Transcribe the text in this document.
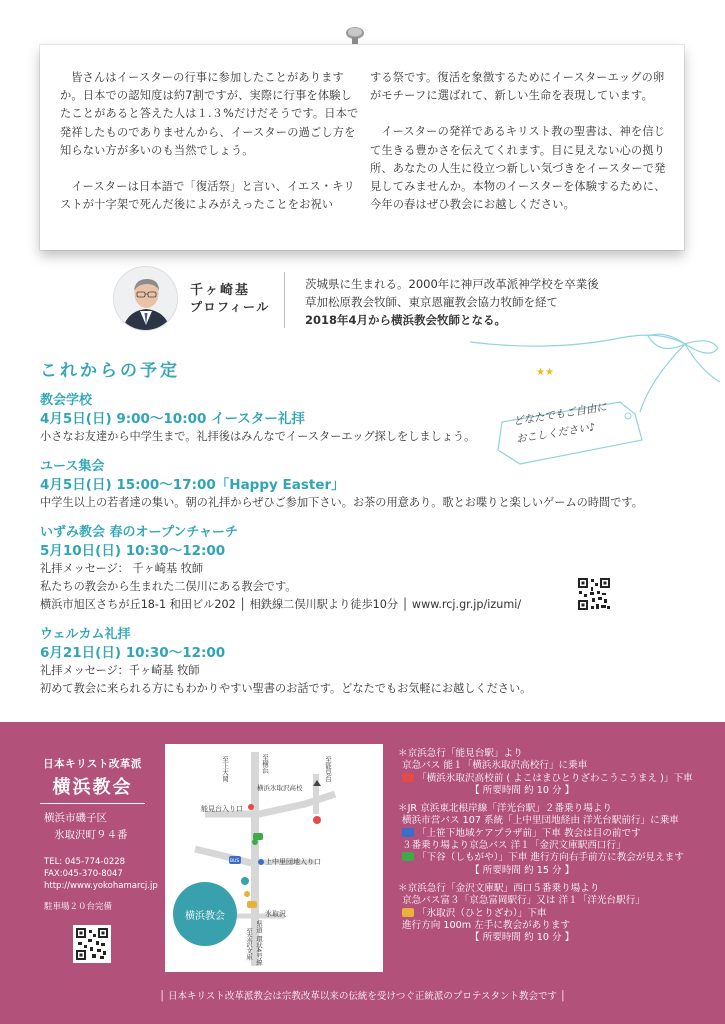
皆さんはイースターの行事に参加したことがありますか。日本での認知度は約7割ですが、実際に行事を体験したことがあると答えた人は１.３%だけだそうです。日本で発祥したものでありませんから、イースターの過ごし方を知らない方が多いのも当然でしょう。

イースターは日本語で「復活祭」と言い、イエス・キリストが十字架で死んだ後によみがえったことをお祝い

する祭です。復活を象徴するためにイースターエッグの卵がモチーフに選ばれて、新しい生命を表現しています。

イースターの発祥であるキリスト教の聖書は、神を信じて生きる豊かさを伝えてくれます。目に見えない心の拠り所、あなたの人生に役立つ新しい気づきをイースターで発見してみませんか。本物のイースターを体験するために、今年の春はぜひ教会にお越しください。

千ヶ崎基
プロフィール
茨城県に生まれる。2000年に神戸改革派神学校を卒業後
草加松原教会牧師、東京恩寵教会協力牧師を経て
2018年4月から横浜教会牧師となる。
★★
どなたでもご自由に
おこしください♪
これからの予定
教会学校
4月5日(日) 9:00〜10:00 イースター礼拝
小さなお友達から中学生まで。礼拝後はみんなでイースターエッグ探しをしましょう。
ユース集会
4月5日(日) 15:00〜17:00「Happy Easter」
中学生以上の若者達の集い。朝の礼拝からぜひご参加下さい。お茶の用意あり。歌とお喋りと楽しいゲームの時間です。
いずみ教会 春のオープンチャーチ
5月10日(日) 10:30〜12:00
礼拝メッセージ： 千ヶ崎基 牧師
私たちの教会から生まれた二俣川にある教会です。
横浜市旭区さちが丘18-1 和田ビル202 │ 相鉄線二俣川駅より徒歩10分 │ www.rcj.gr.jp/izumi/
ウェルカム礼拝
6月21日(日) 10:30〜12:00
礼拝メッセージ：千ヶ崎基 牧師
初めて教会に来られる方にもわかりやすい聖書のお話です。どなたでもお気軽にお越しください。
日本キリスト改革派
横浜教会
横浜市磯子区
氷取沢町９４番
TEL: 045-774-0228
FAX:045-370-8047
http://www.yokohamarcj.jp
駐車場２０台完備
横浜教会
上中里団地入り口
氷取沢
能見台入り口
横浜氷取沢高校
BUS
至上大岡	至能見台
至金沢文庫 県道 環状4号線
至横浜
＊京浜急行「能見台駅」より
京急バス 能１「横浜氷取沢高校行」に乗車
「横浜氷取沢高校前 ( よこはまひとりざわこうこうまえ )」下車
【 所要時間 約 10 分 】
＊JR 京浜東北根岸線「洋光台駅」２番乗り場より
横浜市営バス 107 系統「上中里団地経由 洋光台駅前行」に乗車
「上笹下地域ケアプラザ前」下車 教会は目の前です
３番乗り場より京急バス 洋１「金沢文庫駅西口行」
「下谷（しもがや）」下車 進行方向右手前方に教会が見えます
【 所要時間 約 15 分 】
＊京浜急行「金沢文庫駅」西口５番乗り場より
京急バス富３「京急富岡駅行」又は 洋１「洋光台駅行」
「氷取沢（ひとりざわ）」下車
進行方向 100m 左手に教会があります
【 所要時間 約 10 分 】
│ 日本キリスト改革派教会は宗教改革以来の伝統を受けつぐ正統派のプロテスタント教会です │
